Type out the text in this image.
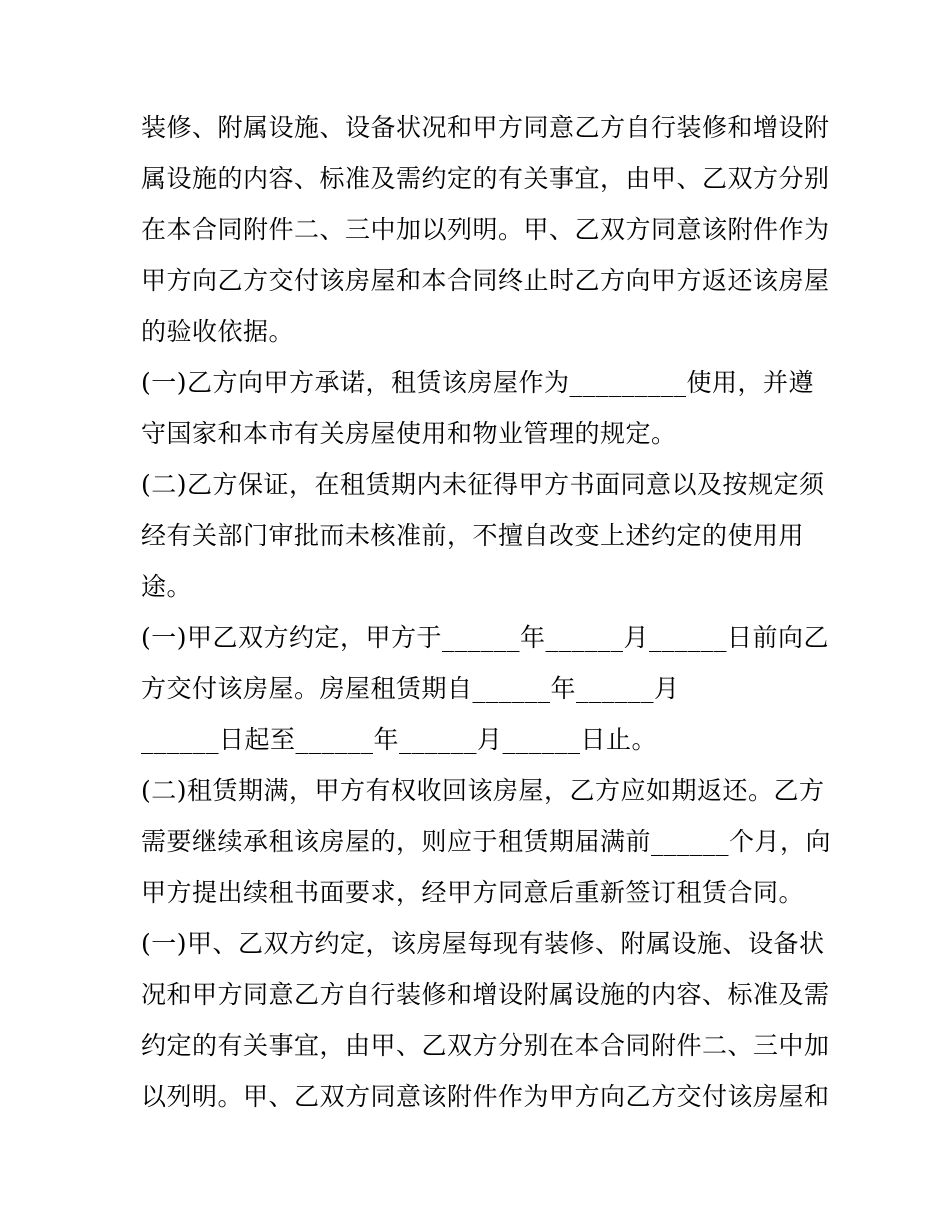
装修、附属设施、设备状况和甲方同意乙方自行装修和增设附
属设施的内容、标准及需约定的有关事宜，由甲、乙双方分别
在本合同附件二、三中加以列明。甲、乙双方同意该附件作为
甲方向乙方交付该房屋和本合同终止时乙方向甲方返还该房屋
的验收依据。
(一)乙方向甲方承诺，租赁该房屋作为_________使用，并遵
守国家和本市有关房屋使用和物业管理的规定。
(二)乙方保证，在租赁期内未征得甲方书面同意以及按规定须
经有关部门审批而未核准前，不擅自改变上述约定的使用用
途。
(一)甲乙双方约定，甲方于______年______月______日前向乙
方交付该房屋。房屋租赁期自______年______月
______日起至______年______月______日止。
(二)租赁期满，甲方有权收回该房屋，乙方应如期返还。乙方
需要继续承租该房屋的，则应于租赁期届满前______个月，向
甲方提出续租书面要求，经甲方同意后重新签订租赁合同。
(一)甲、乙双方约定，该房屋每现有装修、附属设施、设备状
况和甲方同意乙方自行装修和增设附属设施的内容、标准及需
约定的有关事宜，由甲、乙双方分别在本合同附件二、三中加
以列明。甲、乙双方同意该附件作为甲方向乙方交付该房屋和
